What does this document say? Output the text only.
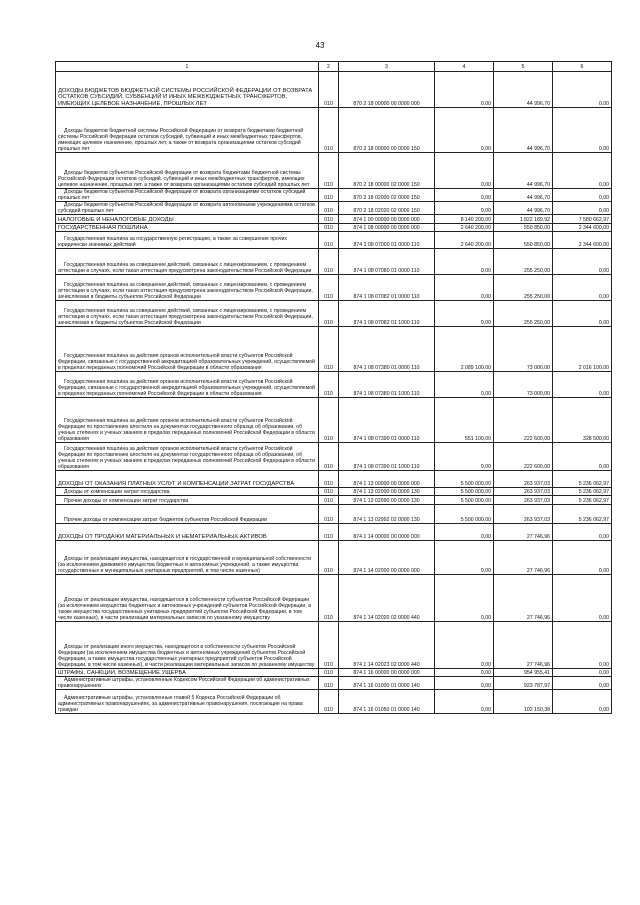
43
1	2	3	4	5	6
ДОХОДЫ БЮДЖЕТОВ БЮДЖЕТНОЙ СИСТЕМЫ РОССИЙСКОЙ ФЕДЕРАЦИИ ОТ ВОЗВРАТА ОСТАТКОВ СУБСИДИЙ, СУБВЕНЦИЙ И ИНЫХ МЕЖБЮДЖЕТНЫХ ТРАНСФЕРТОВ, ИМЕЮЩИХ ЦЕЛЕВОЕ НАЗНАЧЕНИЕ, ПРОШЛЫХ ЛЕТ	010	870 2 18 00000 00 0000 000	0,00	44 996,70	0,00
Доходы бюджетов бюджетной системы Российской Федерации от возврата бюджетами бюджетной системы Российской Федерации остатков субсидий, субвенций и иных межбюджетных трансфертов, имеющих целевое назначение, прошлых лет, а также от возврата организациями остатков субсидий прошлых лет	010	870 2 18 00000 00 0000 150	0,00	44 996,70	0,00
Доходы бюджетов субъектов Российской Федерации от возврата бюджетами бюджетной системы Российской Федерации остатков субсидий, субвенций и иных межбюджетных трансфертов, имеющих целевое назначение, прошлых лет, а также от возврата организациями остатков субсидий прошлых лет	010	870 2 18 00000 02 0000 150	0,00	44 996,70	0,00
Доходы бюджетов субъектов Российской Федерации от возврата организациями остатков субсидий прошлых лет	010	870 2 18 02000 02 0000 150	0,00	44 996,70	0,00
Доходы бюджетов субъектов Российской Федерации от возврата автономными учреждениями остатков субсидий прошлых лет	010	870 2 18 02020 02 0000 150	0,00	44 996,70	0,00
НАЛОГОВЫЕ И НЕНАЛОГОВЫЕ ДОХОДЫ	010	874 1 00 00000 00 0000 000	8 140 200,00	1 822 189,92	7 580 662,97
ГОСУДАРСТВЕННАЯ ПОШЛИНА	010	874 1 08 00000 00 0000 000	2 640 200,00	550 850,00	2 344 600,00
Государственная пошлина за государственную регистрацию, а также за совершение прочих юридически значимых действий	010	874 1 08 07000 01 0000 110	2 640 200,00	550 850,00	2 344 600,00
Государственная пошлина за совершение действий, связанных с лицензированием, с проведением аттестации в случаях, если такая аттестация предусмотрена законодательством Российской Федерации	010	874 1 08 07080 01 0000 110	0,00	255 250,00	0,00
Государственная пошлина за совершение действий, связанных с лицензированием, с проведением аттестации в случаях, если такая аттестация предусмотрена законодательством Российской Федерации, зачисляемая в бюджеты субъектов Российской Федерации	010	874 1 08 07082 01 0000 110	0,00	255 250,00	0,00
Государственная пошлина за совершение действий, связанных с лицензированием, с проведением аттестации в случаях, если такая аттестация предусмотрена законодательством Российской Федерации, зачисляемая в бюджеты субъектов Российской Федерации	010	874 1 08 07082 01 1000 110	0,00	255 250,00	0,00
Государственная пошлина за действия органов исполнительной власти субъектов Российской Федерации, связанные с государственной аккредитацией образовательных учреждений, осуществляемой в пределах переданных полномочий Российской Федерации в области образования	010	874 1 08 07380 01 0000 110	2 089 100,00	73 000,00	2 016 100,00
Государственная пошлина за действия органов исполнительной власти субъектов Российской Федерации, связанные с государственной аккредитацией образовательных учреждений, осуществляемой в пределах переданных полномочий Российской Федерации в области образования	010	874 1 08 07380 01 1000 110	0,00	73 000,00	0,00
Государственная пошлина за действия органов исполнительной власти субъектов Российской Федерации по проставлению апостиля на документах государственного образца об образовании, об ученых степенях и ученых званиях в пределах переданных полномочий Российской Федерации в области образования	010	874 1 08 07390 01 0000 110	551 100,00	222 600,00	328 500,00
Государственная пошлина за действия органов исполнительной власти субъектов Российской Федерации по проставлению апостиля на документах государственного образца об образовании, об ученых степенях и ученых званиях в пределах переданных полномочий Российской Федерации в области образования	010	874 1 08 07390 01 1000 110	0,00	222 600,00	0,00
ДОХОДЫ ОТ ОКАЗАНИЯ ПЛАТНЫХ УСЛУГ И КОМПЕНСАЦИИ ЗАТРАТ ГОСУДАРСТВА	010	874 1 13 00000 00 0000 000	5 500 000,00	263 937,03	5 236 062,97
Доходы от компенсации затрат государства	010	874 1 13 02000 00 0000 130	5 500 000,00	263 937,03	5 236 062,97
Прочие доходы от компенсации затрат государства	010	874 1 13 02990 00 0000 130	5 500 000,00	263 937,03	5 236 062,97
Прочие доходы от компенсации затрат бюджетов субъектов Российской Федерации	010	874 1 13 02992 02 0000 130	5 500 000,00	263 937,03	5 236 062,97
ДОХОДЫ ОТ ПРОДАЖИ МАТЕРИАЛЬНЫХ И НЕМАТЕРИАЛЬНЫХ АКТИВОВ	010	874 1 14 00000 00 0000 000	0,00	27 746,96	0,00
Доходы от реализации имущества, находящегося в государственной и муниципальной собственности (за исключением движимого имущества бюджетных и автономных учреждений, а также имущества государственных и муниципальных унитарных предприятий, в том числе казенных)	010	874 1 14 02000 00 0000 000	0,00	27 746,96	0,00
Доходы от реализации имущества, находящегося в собственности субъектов Российской Федерации (за исключением имущества бюджетных и автономных учреждений субъектов Российской Федерации, а также имущества государственных унитарных предприятий субъектов Российской Федерации, в том числе казенных), в части реализации материальных запасов по указанному имуществу	010	874 1 14 02020 02 0000 440	0,00	27 746,96	0,00
Доходы от реализации иного имущества, находящегося в собственности субъектов Российской Федерации (за исключением имущества бюджетных и автономных учреждений субъектов Российской Федерации, а также имущества государственных унитарных предприятий субъектов Российской Федерации, в том числе казенных), в части реализации материальных запасов по указанному имуществу	010	874 1 14 02023 02 0000 440	0,00	27 746,96	0,00
ШТРАФЫ, САНКЦИИ, ВОЗМЕЩЕНИЕ УЩЕРБА	010	874 1 16 00000 00 0000 000	0,00	954 955,41	0,00
Административные штрафы, установленные Кодексом Российской Федерации об административных правонарушениях	010	874 1 16 01000 01 0000 140	0,00	923 787,97	0,00
Административные штрафы, установленные главой 5 Кодекса Российской Федерации об административных правонарушениях, за административные правонарушения, посягающие на права граждан	010	874 1 16 01050 01 0000 140	0,00	102 150,38	0,00
